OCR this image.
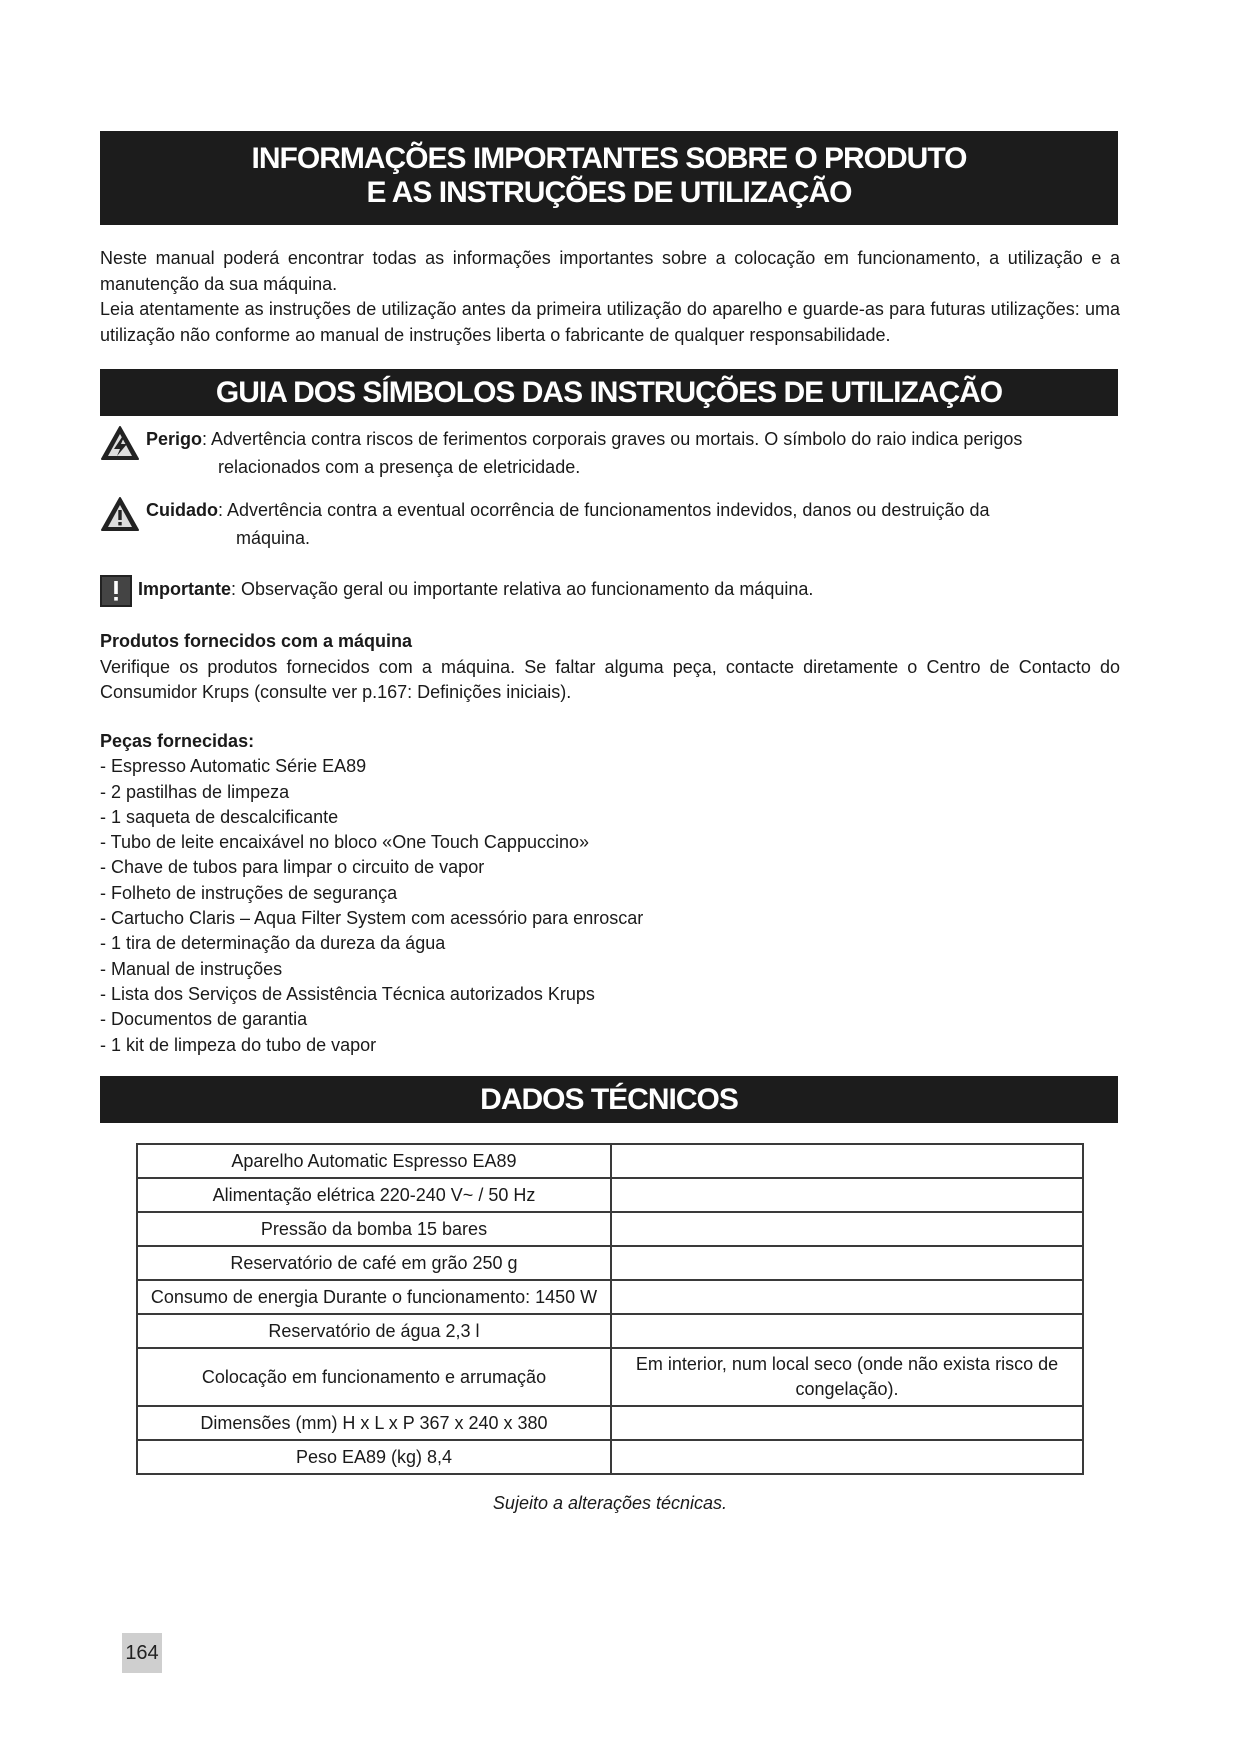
INFORMAÇÕES IMPORTANTES SOBRE O PRODUTO
E AS INSTRUÇÕES DE UTILIZAÇÃO

Neste manual poderá encontrar todas as informações importantes sobre a colocação em funcionamento, a utilização e a manutenção da sua máquina.

Leia atentamente as instruções de utilização antes da primeira utilização do aparelho e guarde-as para futuras utilizações: uma utilização não conforme ao manual de instruções liberta o fabricante de qualquer responsabilidade.

GUIA DOS SÍMBOLOS DAS INSTRUÇÕES DE UTILIZAÇÃO
Perigo: Advertência contra riscos de ferimentos corporais graves ou mortais. O símbolo do raio indica perigos
relacionados com a presença de eletricidade.
Cuidado: Advertência contra a eventual ocorrência de funcionamentos indevidos, danos ou destruição da
máquina.
Importante: Observação geral ou importante relativa ao funcionamento da máquina.
Produtos fornecidos com a máquina
Verifique os produtos fornecidos com a máquina. Se faltar alguma peça, contacte diretamente o Centro de Contacto do Consumidor Krups (consulte ver p.167: Definições iniciais).
Peças fornecidas:
- Espresso Automatic Série EA89
- 2 pastilhas de limpeza
- 1 saqueta de descalcificante
- Tubo de leite encaixável no bloco «One Touch Cappuccino»
- Chave de tubos para limpar o circuito de vapor
- Folheto de instruções de segurança
- Cartucho Claris – Aqua Filter System com acessório para enroscar
- 1 tira de determinação da dureza da água
- Manual de instruções
- Lista dos Serviços de Assistência Técnica autorizados Krups
- Documentos de garantia
- 1 kit de limpeza do tubo de vapor
DADOS TÉCNICOS
Aparelho Automatic Espresso EA89	
Alimentação elétrica 220-240 V~ / 50 Hz	
Pressão da bomba 15 bares	
Reservatório de café em grão 250 g	
Consumo de energia Durante o funcionamento: 1450 W	
Reservatório de água 2,3 l	
Colocação em funcionamento e arrumação	Em interior, num local seco (onde não exista risco de congelação).
Dimensões (mm) H x L x P 367 x 240 x 380	
Peso EA89 (kg) 8,4	
Sujeito a alterações técnicas.
164
